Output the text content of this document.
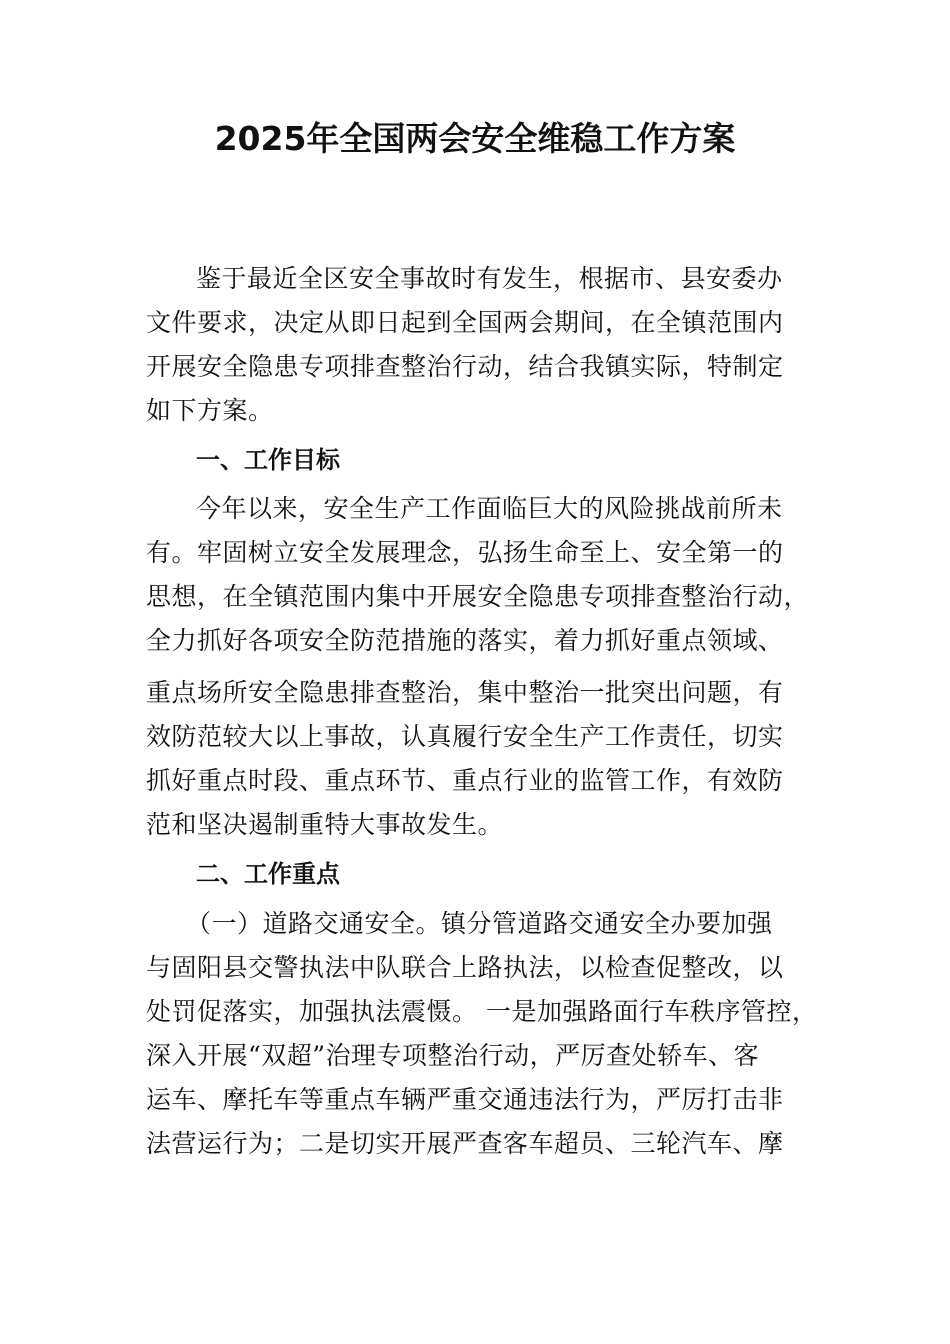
2025年全国两会安全维稳工作方案

鉴于最近全区安全事故时有发生，根据市、县安委办

文件要求，决定从即日起到全国两会期间，在全镇范围内

开展安全隐患专项排查整治行动，结合我镇实际，特制定

如下方案。

一、工作目标

今年以来，安全生产工作面临巨大的风险挑战前所未

有。牢固树立安全发展理念，弘扬生命至上、安全第一的

思想，在全镇范围内集中开展安全隐患专项排查整治行动，

全力抓好各项安全防范措施的落实，着力抓好重点领域、

重点场所安全隐患排查整治，集中整治一批突出问题，有

效防范较大以上事故，认真履行安全生产工作责任，切实

抓好重点时段、重点环节、重点行业的监管工作，有效防

范和坚决遏制重特大事故发生。

二、工作重点

（一）道路交通安全。镇分管道路交通安全办要加强

与固阳县交警执法中队联合上路执法，以检查促整改，以

处罚促落实，加强执法震慑。 一是加强路面行车秩序管控，

深入开展“双超”治理专项整治行动，严厉查处轿车、客

运车、摩托车等重点车辆严重交通违法行为，严厉打击非

法营运行为；二是切实开展严查客车超员、三轮汽车、摩
